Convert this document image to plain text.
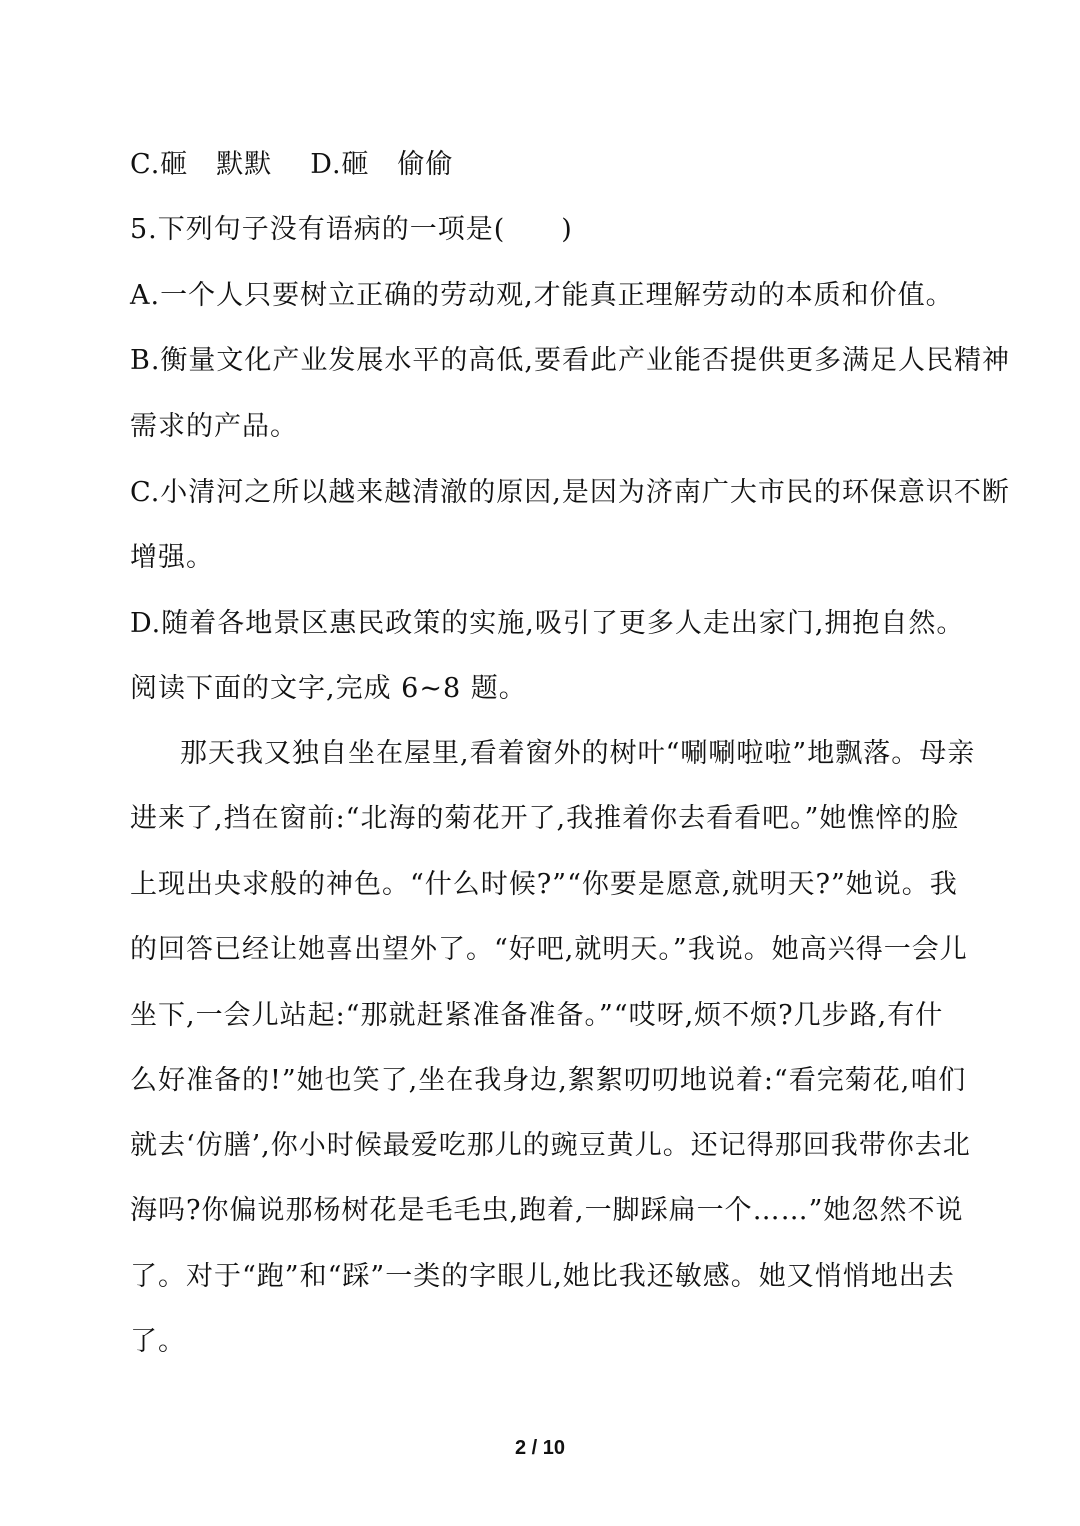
C.砸　默默 D.砸　偷偷
5.下列句子没有语病的一项是(　　)
A.一个人只要树立正确的劳动观,才能真正理解劳动的本质和价值。
B.衡量文化产业发展水平的高低,要看此产业能否提供更多满足人民精神
需求的产品。
C.小清河之所以越来越清澈的原因,是因为济南广大市民的环保意识不断
增强。
D.随着各地景区惠民政策的实施,吸引了更多人走出家门,拥抱自然。
阅读下面的文字,完成 6~8 题。
那天我又独自坐在屋里,看着窗外的树叶“唰唰啦啦”地飘落。母亲
进来了,挡在窗前:“北海的菊花开了,我推着你去看看吧。”她憔悴的脸
上现出央求般的神色。“什么时候?”“你要是愿意,就明天?”她说。我
的回答已经让她喜出望外了。“好吧,就明天。”我说。她高兴得一会儿
坐下,一会儿站起:“那就赶紧准备准备。”“哎呀,烦不烦?几步路,有什
么好准备的!”她也笑了,坐在我身边,絮絮叨叨地说着:“看完菊花,咱们
就去‘仿膳’,你小时候最爱吃那儿的豌豆黄儿。还记得那回我带你去北
海吗?你偏说那杨树花是毛毛虫,跑着,一脚踩扁一个……”她忽然不说
了。对于“跑”和“踩”一类的字眼儿,她比我还敏感。她又悄悄地出去
了。
2 / 10
